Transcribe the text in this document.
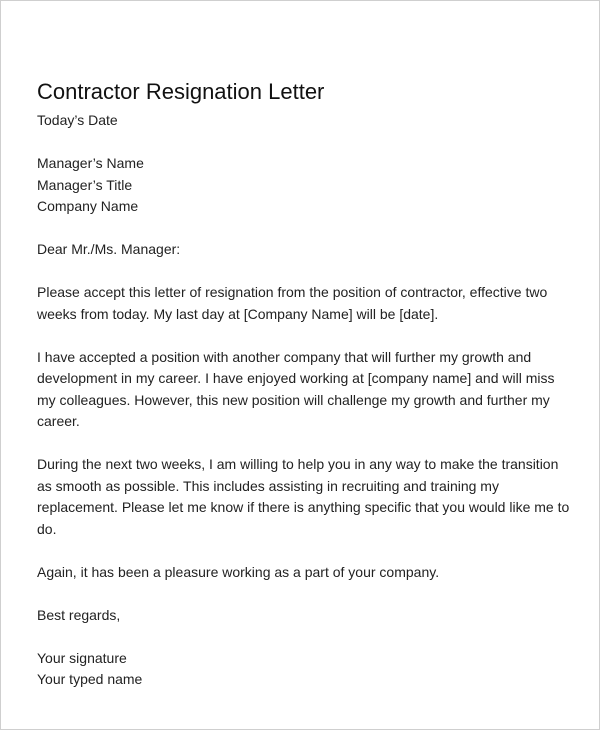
Contractor Resignation Letter
Today’s Date
Manager’s Name
Manager’s Title
Company Name
Dear Mr./Ms. Manager:

Please accept this letter of resignation from the position of contractor, effective two weeks from today. My last day at [Company Name] will be [date].

I have accepted a position with another company that will further my growth and development in my career. I have enjoyed working at [company name] and will miss my colleagues. However, this new position will challenge my growth and further my career.

During the next two weeks, I am willing to help you in any way to make the transition as smooth as possible. This includes assisting in recruiting and training my replacement. Please let me know if there is anything specific that you would like me to do.

Again, it has been a pleasure working as a part of your company.

Best regards,
Your signature
Your typed name
